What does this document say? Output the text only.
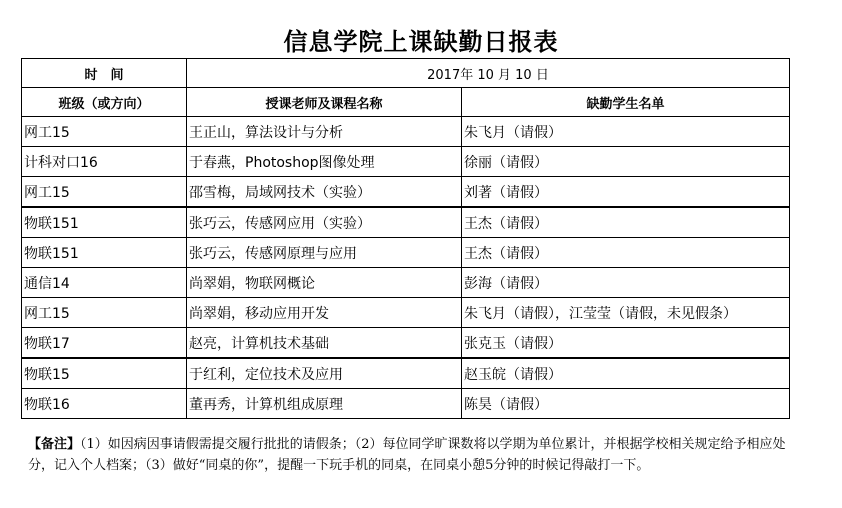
信息学院上课缺勤日报表
时　间	2017年 10 月 10 日	
班级（或方向）	授课老师及课程名称	缺勤学生名单
网工15	王正山，算法设计与分析	朱飞月（请假）
计科对口16	于春燕，Photoshop图像处理	徐丽（请假）
网工15	邵雪梅，局域网技术（实验）	刘著（请假）
物联151	张巧云，传感网应用（实验）	王杰（请假）
物联151	张巧云，传感网原理与应用	王杰（请假）
通信14	尚翠娟，物联网概论	彭海（请假）
网工15	尚翠娟，移动应用开发	朱飞月（请假），江莹莹（请假，未见假条）
物联17	赵亮，计算机技术基础	张克玉（请假）
物联15	于红利，定位技术及应用	赵玉皖（请假）
物联16	董再秀，计算机组成原理	陈昊（请假）
【备注】（1）如因病因事请假需提交履行批批的请假条；（2）每位同学旷课数将以学期为单位累计，并根据学校相关规定给予相应处分，记入个人档案；（3）做好“同桌的你”，提醒一下玩手机的同桌，在同桌小憩5分钟的时候记得敲打一下。
